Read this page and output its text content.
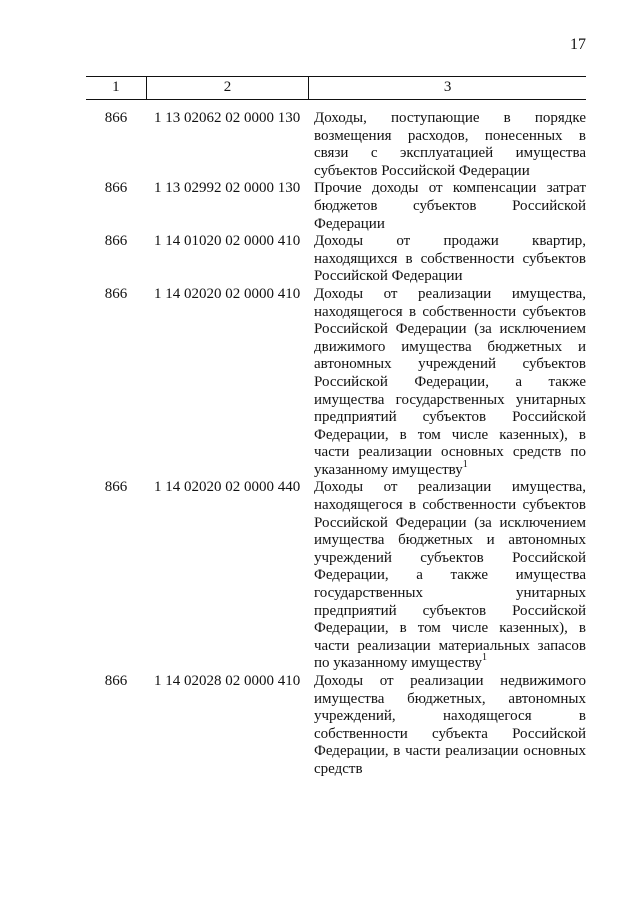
17
1	2	3
866	1 13 02062 02 0000 130 Доходы, поступающие в порядке
возмещения расходов, понесенных в
связи с эксплуатацией имущества
субъектов Российской Федерации
866	1 13 02992 02 0000 130 Прочие доходы от компенсации затрат
бюджетов субъектов Российской
Федерации
866	1 14 01020 02 0000 410 Доходы от продажи квартир,
находящихся в собственности субъектов
Российской Федерации
866	1 14 02020 02 0000 410 Доходы от реализации имущества,
находящегося в собственности субъектов
Российской Федерации (за исключением
движимого имущества бюджетных и
автономных учреждений субъектов
Российской Федерации, а также
имущества государственных унитарных
предприятий субъектов Российской
Федерации, в том числе казенных), в
части реализации основных средств по
указанному имуществу$^1$
866	1 14 02020 02 0000 440 Доходы от реализации имущества,
находящегося в собственности субъектов
Российской Федерации (за исключением
имущества бюджетных и автономных
учреждений субъектов Российской
Федерации, а также имущества
государственных унитарных
предприятий субъектов Российской
Федерации, в том числе казенных), в
части реализации материальных запасов
по указанному имуществу$^1$
866	1 14 02028 02 0000 410 Доходы от реализации недвижимого
имущества бюджетных, автономных
учреждений, находящегося в
собственности субъекта Российской
Федерации, в части реализации основных
средств
